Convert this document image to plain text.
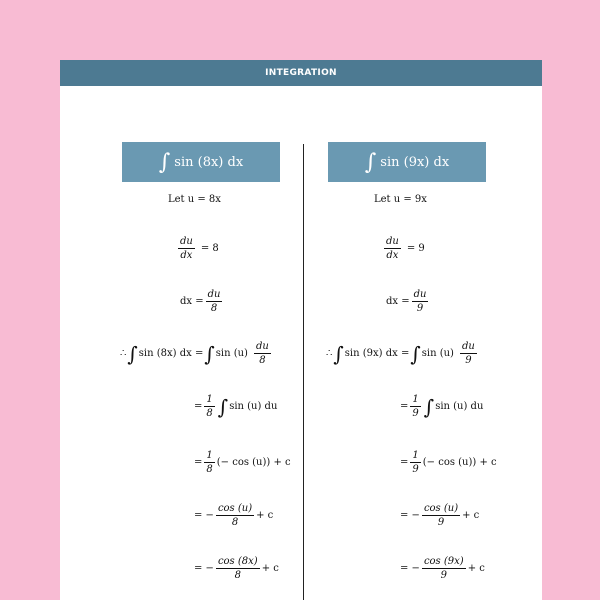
INTEGRATION
∫ sin (8x) dx
Let u = 8x
$\frac{du}{dx} = 8$
dx = $\frac{du}{8}$
∴ ∫ sin (8x) dx = ∫ $\sin (u) \frac{du}{8}$
= $\frac{1}{8}$ ∫ sin (u) du
= $\frac{1}{8}$ (− cos (u)) + c
= − $\frac{\cos (u)}{8} + c$
= − $\frac{\cos (8x)}{8} + c$
∫ sin (9x) dx
Let u = 9x
$\frac{du}{dx} = 9$
dx = $\frac{du}{9}$
∴ ∫ sin (9x) dx = ∫ $\sin (u) \frac{du}{9}$
= $\frac{1}{9}$ ∫ sin (u) du
= $\frac{1}{9}$ (− cos (u)) + c
= − $\frac{\cos (u)}{9} + c$
= − $\frac{\cos (9x)}{9} + c$
